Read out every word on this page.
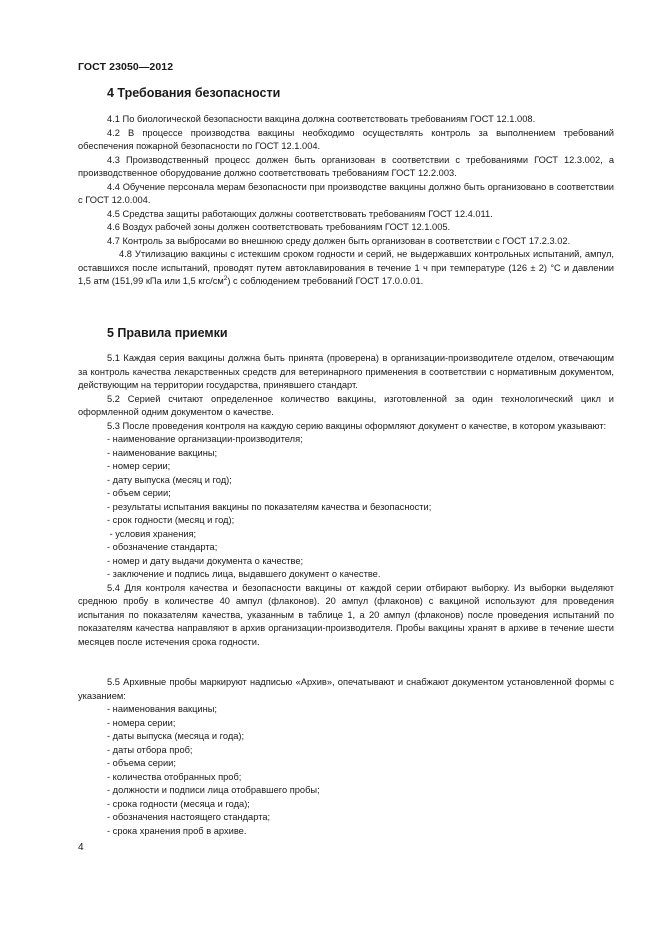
ГОСТ 23050—2012
4 Требования безопасности

4.1 По биологической безопасности вакцина должна соответствовать требованиям ГОСТ 12.1.008.

4.2 В процессе производства вакцины необходимо осуществлять контроль за выполнением требований обеспечения пожарной безопасности по ГОСТ 12.1.004.

4.3 Производственный процесс должен быть организован в соответствии с требованиями ГОСТ 12.3.002, а производственное оборудование должно соответствовать требованиям ГОСТ 12.2.003.

4.4 Обучение персонала мерам безопасности при производстве вакцины должно быть организовано в соответствии с ГОСТ 12.0.004.

4.5 Средства защиты работающих должны соответствовать требованиям ГОСТ 12.4.011.

4.6 Воздух рабочей зоны должен соответствовать требованиям ГОСТ 12.1.005.

4.7 Контроль за выбросами во внешнюю среду должен быть организован в соответствии с ГОСТ 17.2.3.02.

4.8 Утилизацию вакцины с истекшим сроком годности и серий, не выдержавших контрольных испытаний, ампул, оставшихся после испытаний, проводят путем автоклавирования в течение 1 ч при температуре (126 ± 2) °С и давлении 1,5 атм (151,99 кПа или 1,5 кгс/$см^2$) с соблюдением требований ГОСТ 17.0.0.01.

5 Правила приемки

5.1 Каждая серия вакцины должна быть принята (проверена) в организации-производителе отделом, отвечающим за контроль качества лекарственных средств для ветеринарного применения в соответствии с нормативным документом, действующим на территории государства, принявшего стандарт.

5.2 Серией считают определенное количество вакцины, изготовленной за один технологический цикл и оформленной одним документом о качестве.

5.3 После проведения контроля на каждую серию вакцины оформляют документ о качестве, в котором указывают:

- наименование организации-производителя;
- наименование вакцины;
- номер серии;
- дату выпуска (месяц и год);
- объем серии;
- результаты испытания вакцины по показателям качества и безопасности;
- срок годности (месяц и год);
- условия хранения;
- обозначение стандарта;
- номер и дату выдачи документа о качестве;
- заключение и подпись лица, выдавшего документ о качестве.

5.4 Для контроля качества и безопасности вакцины от каждой серии отбирают выборку. Из выборки выделяют среднюю пробу в количестве 40 ампул (флаконов). 20 ампул (флаконов) с вакциной используют для проведения испытания по показателям качества, указанным в таблице 1, а 20 ампул (флаконов) после проведения испытаний по показателям качества направляют в архив организации-производителя. Пробы вакцины хранят в архиве в течение шести месяцев после истечения срока годности.

5.5 Архивные пробы маркируют надписью «Архив», опечатывают и снабжают документом установленной формы с указанием:

- наименования вакцины;
- номера серии;
- даты выпуска (месяца и года);
- даты отбора проб;
- объема серии;
- количества отобранных проб;
- должности и подписи лица отобравшего пробы;
- срока годности (месяца и года);
- обозначения настоящего стандарта;
- срока хранения проб в архиве.
4
